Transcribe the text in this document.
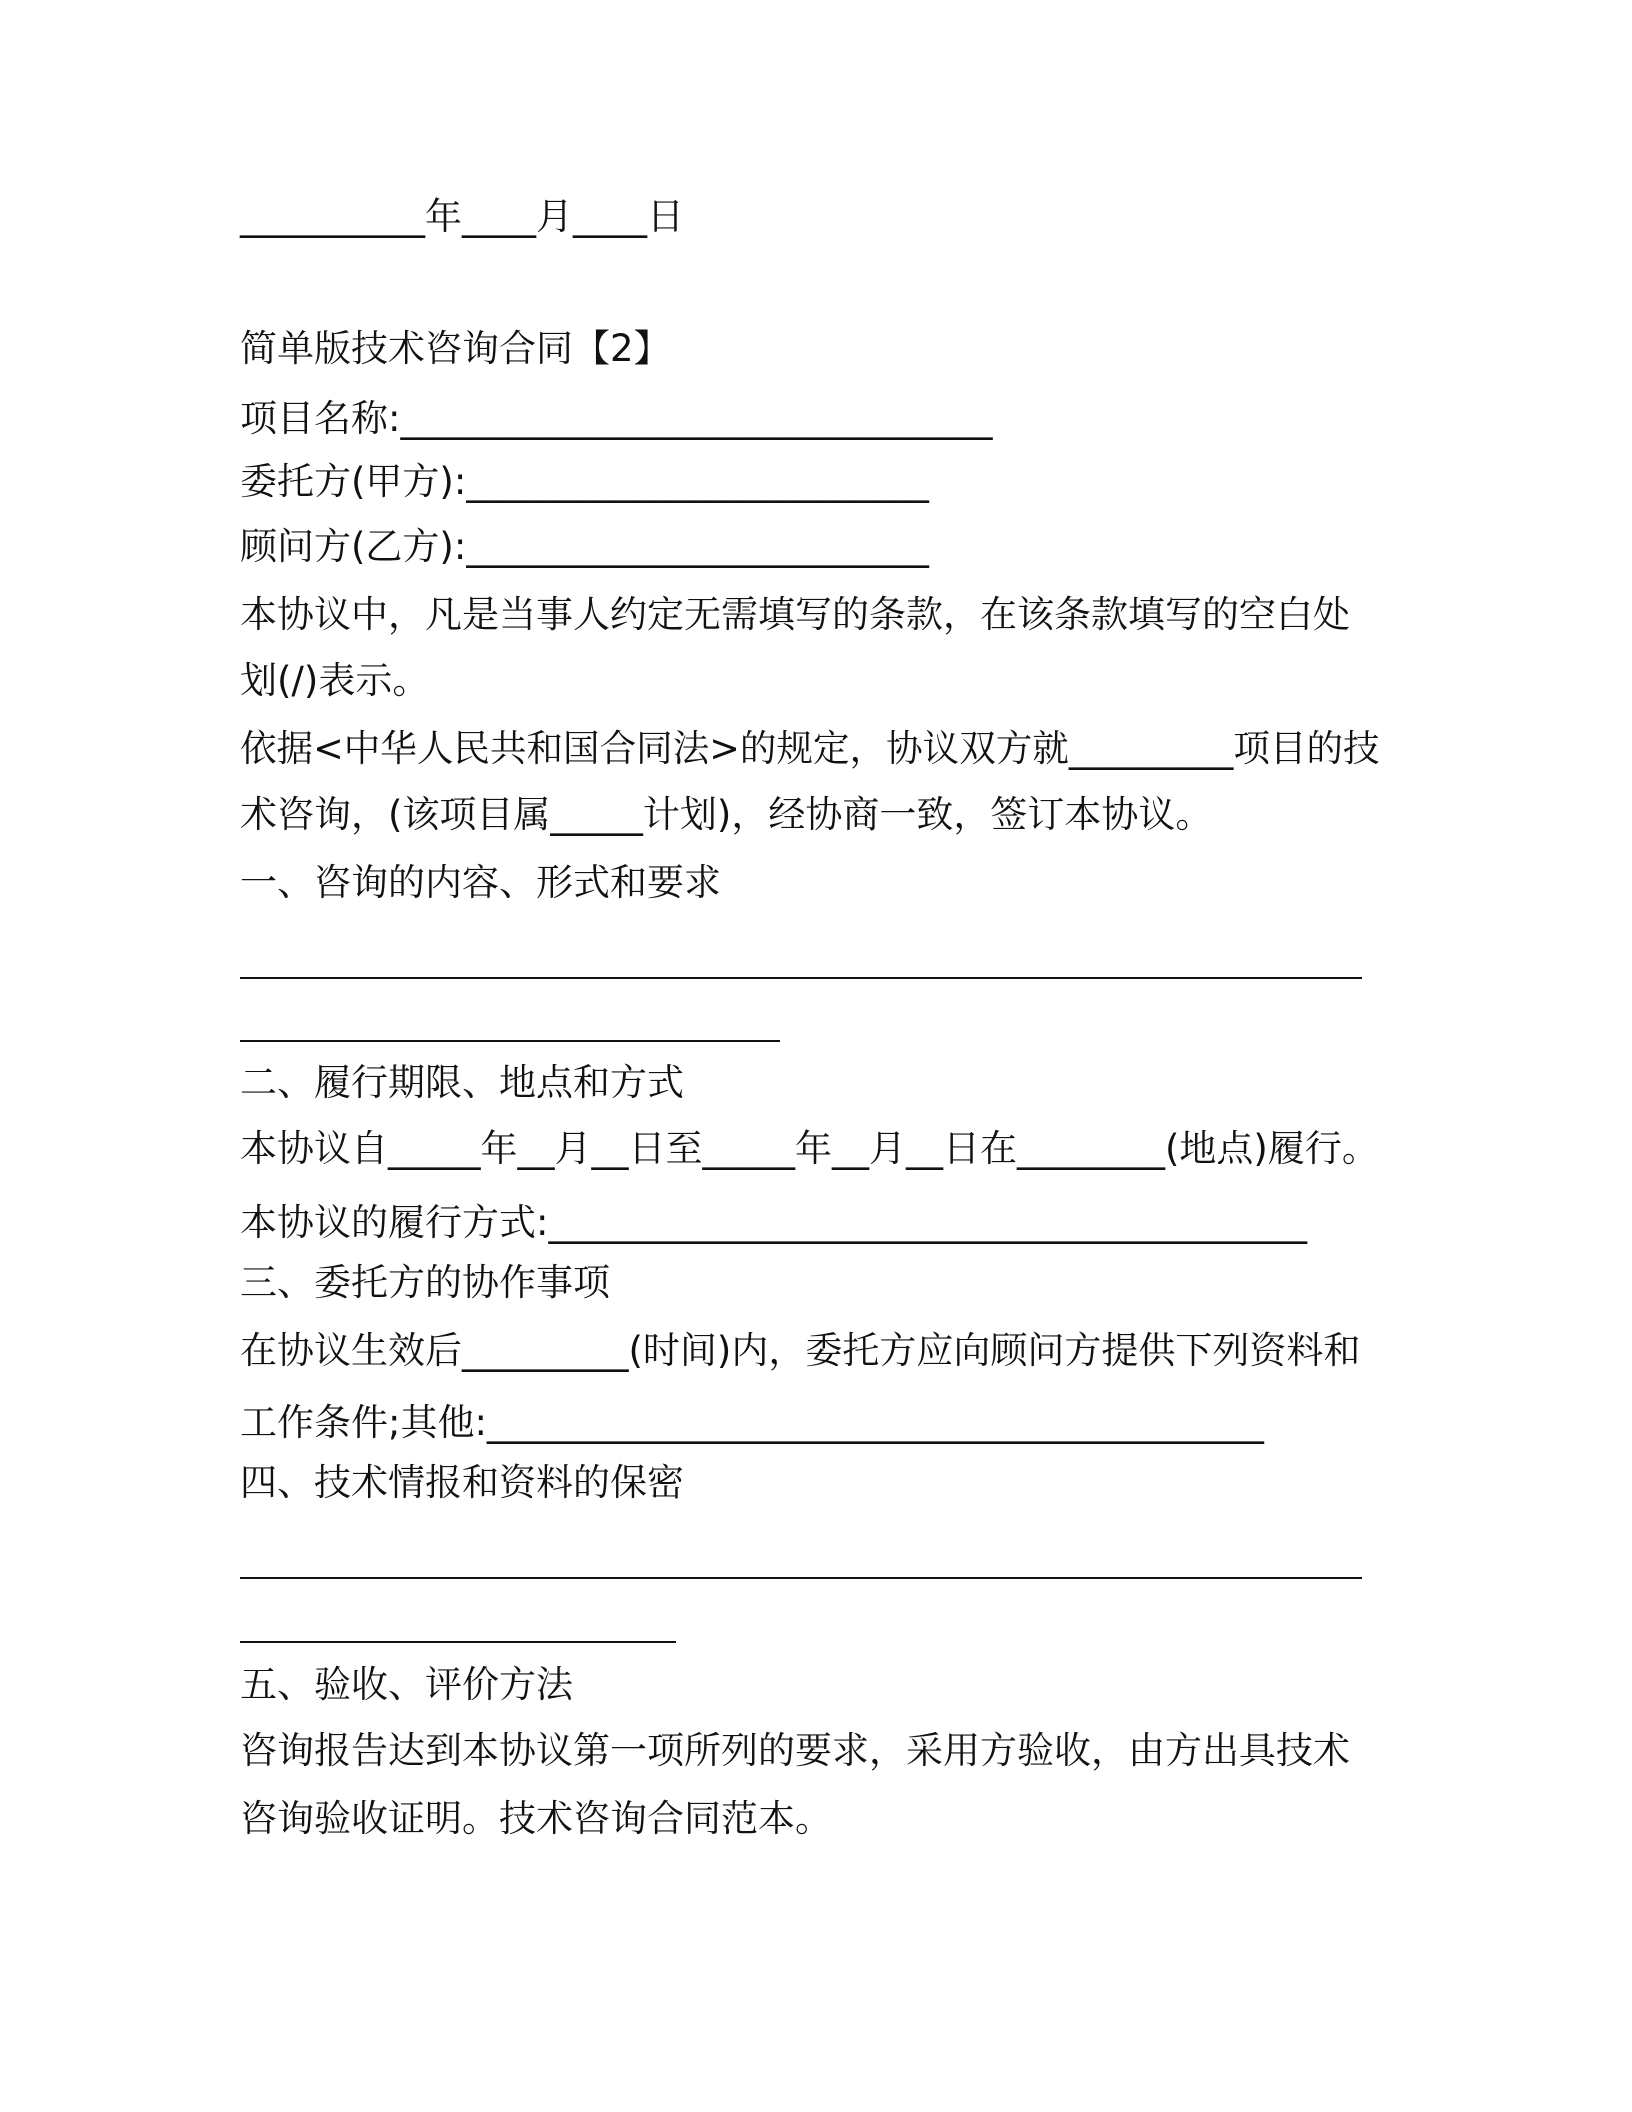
__________年____月____日
简单版技术咨询合同【2】
项目名称:________________________________
委托方(甲方):_________________________
顾问方(乙方):_________________________
本协议中，凡是当事人约定无需填写的条款，在该条款填写的空白处
划(/)表示。
依据<中华人民共和国合同法>的规定，协议双方就_________项目的技
术咨询，(该项目属_____计划)，经协商一致，签订本协议。
一、咨询的内容、形式和要求
二、履行期限、地点和方式
本协议自_____年__月__日至_____年__月__日在________(地点)履行。
本协议的履行方式:_________________________________________
三、委托方的协作事项
在协议生效后_________(时间)内，委托方应向顾问方提供下列资料和
工作条件;其他:__________________________________________
四、技术情报和资料的保密
五、验收、评价方法
咨询报告达到本协议第一项所列的要求，采用方验收，由方出具技术
咨询验收证明。技术咨询合同范本。
